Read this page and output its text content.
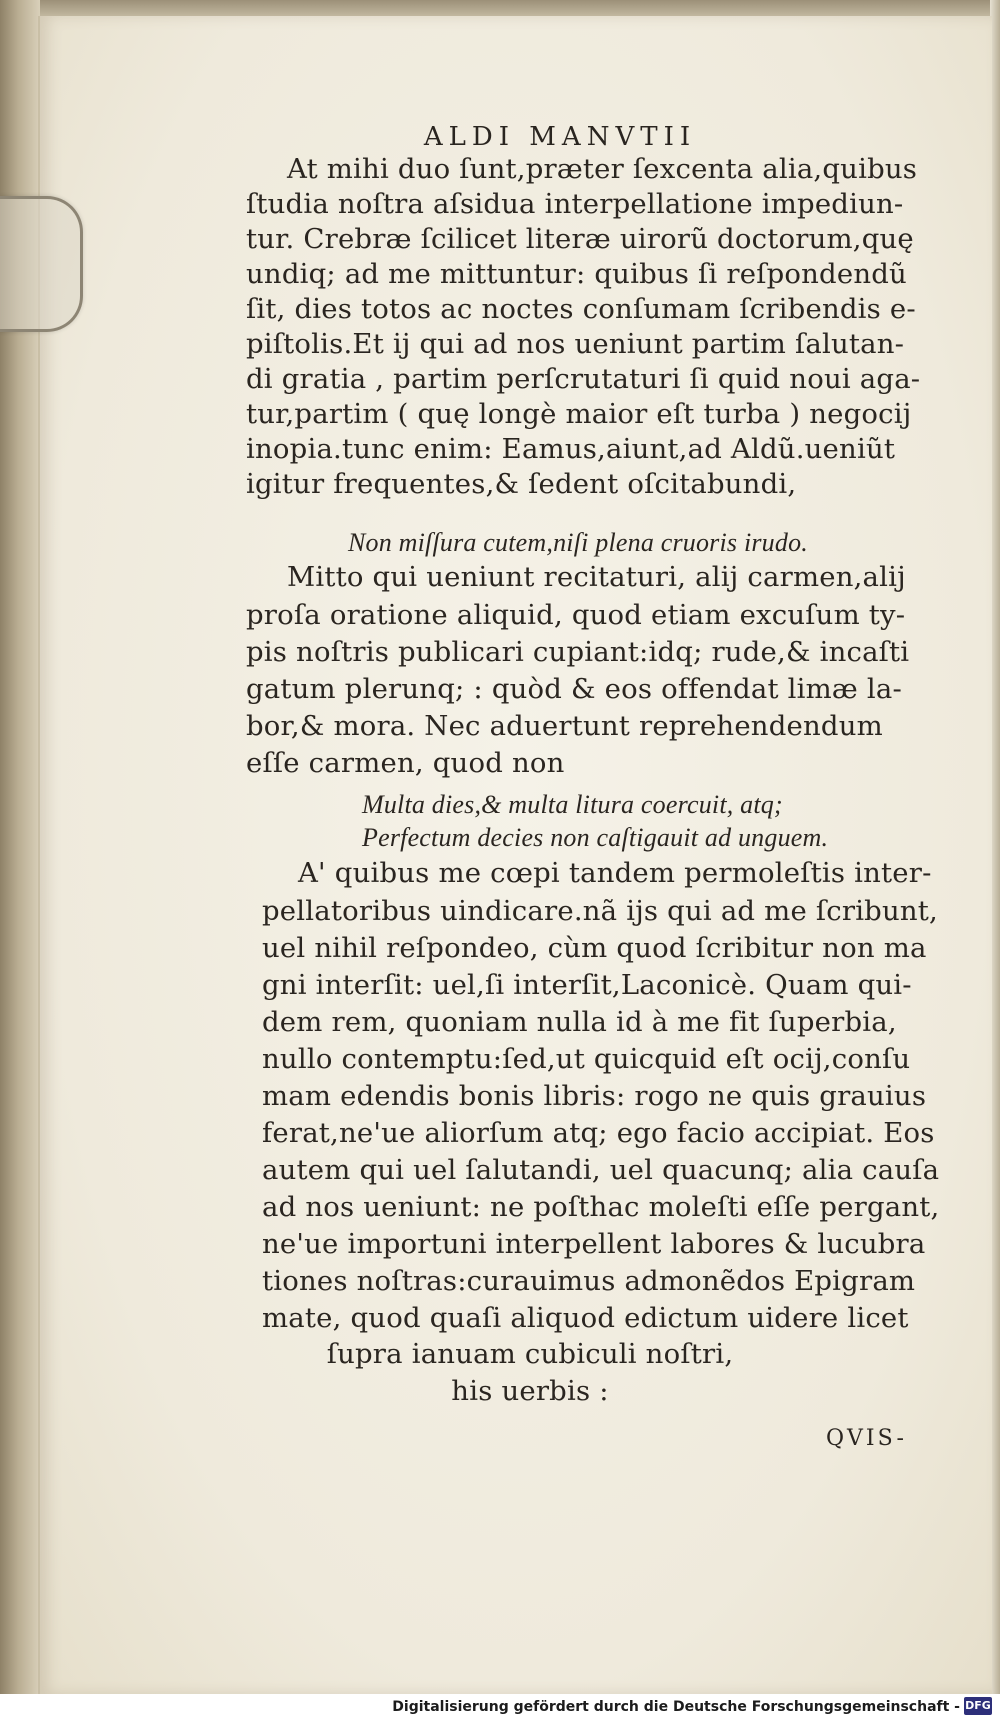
ALDI MANVTII
At mihi duo ſunt,præter ſexcenta alia,quibus
ſtudia noſtra aſsidua interpellatione impediun-
tur. Crebræ ſcilicet literæ uirorũ doctorum,quę
undiq; ad me mittuntur: quibus ſi reſpondendũ
ſit, dies totos ac noctes conſumam ſcribendis e-
piſtolis.Et ij qui ad nos ueniunt partim ſalutan-
di gratia , partim perſcrutaturi ſi quid noui aga-
tur,partim ( quę longè maior eſt turba ) negocij
inopia.tunc enim: Eamus,aiunt,ad Aldũ.ueniũt
igitur frequentes,& ſedent oſcitabundi,
Non miſſura cutem,niſi plena cruoris irudo.
Mitto qui ueniunt recitaturi, alij carmen,alij
proſa oratione aliquid, quod etiam excuſum ty-
pis noſtris publicari cupiant:idq; rude,& incaſti
gatum plerunq; : quòd & eos offendat limæ la-
bor,& mora. Nec aduertunt reprehendendum
eſſe carmen, quod non
Multa dies,& multa litura coercuit, atq;
Perfectum decies non caſtigauit ad unguem.
A' quibus me cœpi tandem permoleſtis inter-
pellatoribus uindicare.nã ijs qui ad me ſcribunt,
uel nihil reſpondeo, cùm quod ſcribitur non ma
gni interſit: uel,ſi interſit,Laconicè. Quam qui-
dem rem, quoniam nulla id à me fit ſuperbia,
nullo contemptu:ſed,ut quicquid eſt ocij,conſu
mam edendis bonis libris: rogo ne quis grauius
ferat,ne'ue aliorſum atq; ego facio accipiat. Eos
autem qui uel ſalutandi, uel quacunq; alia cauſa
ad nos ueniunt: ne poſthac moleſti eſſe pergant,
ne'ue importuni interpellent labores & lucubra
tiones noſtras:curauimus admonẽdos Epigram
mate, quod quaſi aliquod edictum uidere licet
ſupra ianuam cubiculi noſtri,
his uerbis :
QVIS-
Digitalisierung gefördert durch die Deutsche Forschungsgemeinschaft - DFG
